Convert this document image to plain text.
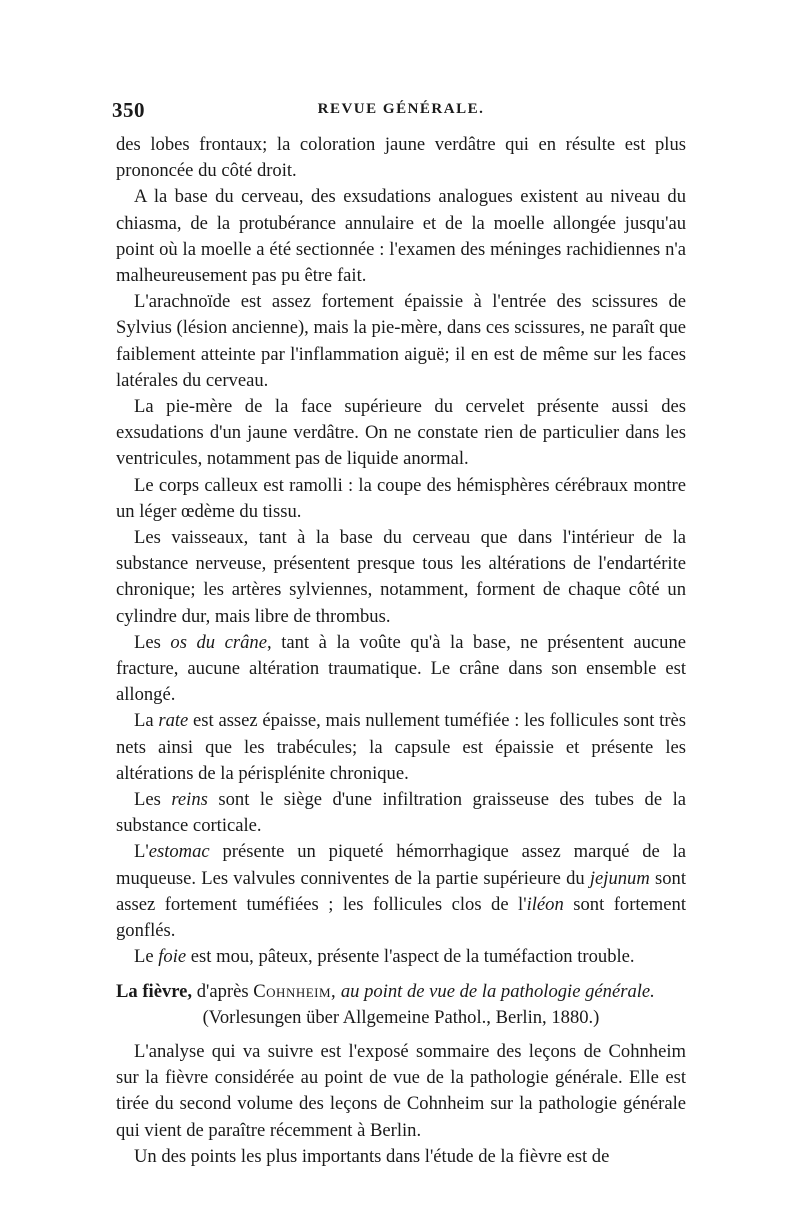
350	REVUE GÉNÉRALE.

des lobes frontaux; la coloration jaune verdâtre qui en résulte est plus prononcée du côté droit.

A la base du cerveau, des exsudations analogues existent au niveau du chiasma, de la protubérance annulaire et de la moelle allongée jusqu'au point où la moelle a été sectionnée : l'examen des méninges rachidiennes n'a malheureusement pas pu être fait.

L'arachnoïde est assez fortement épaissie à l'entrée des scissures de Sylvius (lésion ancienne), mais la pie-mère, dans ces scissures, ne paraît que faiblement atteinte par l'inflammation aiguë; il en est de même sur les faces latérales du cerveau.

La pie-mère de la face supérieure du cervelet présente aussi des exsudations d'un jaune verdâtre. On ne constate rien de particulier dans les ventricules, notamment pas de liquide anormal.

Le corps calleux est ramolli : la coupe des hémisphères cérébraux montre un léger œdème du tissu.

Les vaisseaux, tant à la base du cerveau que dans l'intérieur de la substance nerveuse, présentent presque tous les altérations de l'endartérite chronique; les artères sylviennes, notamment, forment de chaque côté un cylindre dur, mais libre de thrombus.

Les os du crâne, tant à la voûte qu'à la base, ne présentent aucune fracture, aucune altération traumatique. Le crâne dans son ensemble est allongé.

La rate est assez épaisse, mais nullement tuméfiée : les follicules sont très nets ainsi que les trabécules; la capsule est épaissie et présente les altérations de la périsplénite chronique.

Les reins sont le siège d'une infiltration graisseuse des tubes de la substance corticale.

L'estomac présente un piqueté hémorrhagique assez marqué de la muqueuse. Les valvules conniventes de la partie supérieure du jejunum sont assez fortement tuméfiées ; les follicules clos de l'iléon sont fortement gonflés.

Le foie est mou, pâteux, présente l'aspect de la tuméfaction trouble.

La fièvre, d'après Cohnheim, au point de vue de la pathologie générale.

(Vorlesungen über Allgemeine Pathol., Berlin, 1880.)

L'analyse qui va suivre est l'exposé sommaire des leçons de Cohnheim sur la fièvre considérée au point de vue de la pathologie générale. Elle est tirée du second volume des leçons de Cohnheim sur la pathologie générale qui vient de paraître récemment à Berlin.

Un des points les plus importants dans l'étude de la fièvre est de
